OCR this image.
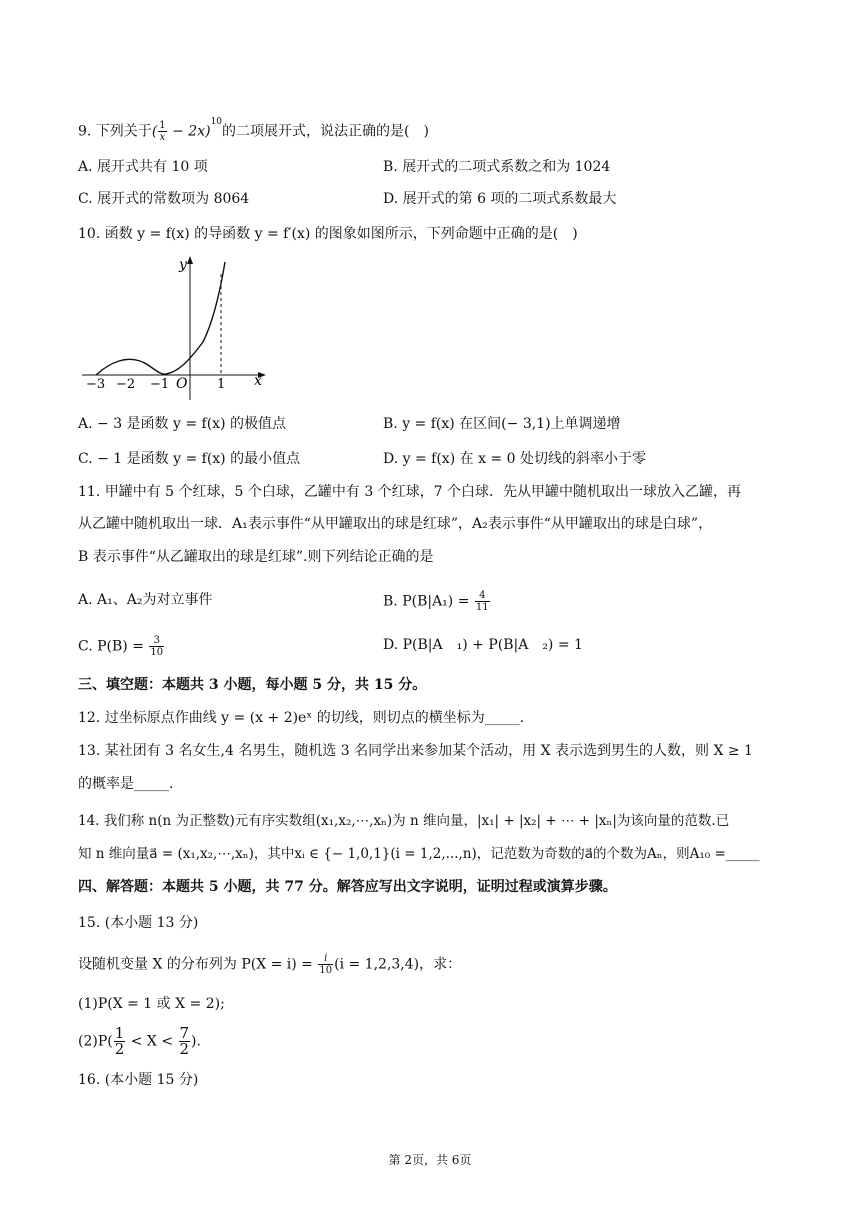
9. 下列关于( $\frac{1}{x} - 2x)^{10}$的二项展开式，说法正确的是(　)
A. 展开式共有 10 项	B. 展开式的二项式系数之和为 1024
C. 展开式的常数项为 8064	D. 展开式的第 6 项的二项式系数最大
10. 函数 y = f(x) 的导函数 y = f′(x) 的图象如图所示，下列命题中正确的是(　)
y
x
O
−3 −2 −1	1
A. − 3 是函数 y = f(x) 的极值点	B. y = f(x) 在区间(− 3,1)上单调递增
C. − 1 是函数 y = f(x) 的最小值点	D. y = f(x) 在 x = 0 处切线的斜率小于零
11. 甲罐中有 5 个红球，5 个白球，乙罐中有 3 个红球，7 个白球．先从甲罐中随机取出一球放入乙罐，再
从乙罐中随机取出一球．A₁表示事件“从甲罐取出的球是红球”，A₂表示事件“从甲罐取出的球是白球”，
B 表示事件“从乙罐取出的球是红球”.则下列结论正确的是
A. A₁、A₂为对立事件	B. $P(B|A_1) = \frac{4}{11}$
C. $P(B) = \frac{3}{10}$	D. P(B|A　₁) + P(B|A　₂) = 1
三、填空题：本题共 3 小题，每小题 5 分，共 15 分。
12. 过坐标原点作曲线 y = (x + 2)eˣ 的切线，则切点的横坐标为_____.
13. 某社团有 3 名女生,4 名男生，随机选 3 名同学出来参加某个活动，用 X 表示选到男生的人数，则 X ≥ 1
的概率是_____.
14. 我们称 n(n 为正整数)元有序实数组(x₁,x₂,⋯,xₙ)为 n 维向量，|x₁| + |x₂| + ⋯ + |xₙ|为该向量的范数.已
知 n 维向量a⃗ = (x₁,x₂,⋯,xₙ)，其中xᵢ ∈ {− 1,0,1}(i = 1,2,...,n)，记范数为奇数的a⃗的个数为Aₙ，则A₁₀ =_____
四、解答题：本题共 5 小题，共 77 分。解答应写出文字说明，证明过程或演算步骤。
15. (本小题 13 分)
设随机变量 X 的分布列为 $P(X = i) = \frac{i}{10} (i = 1,2,3,4)$，求：
(1)P(X = 1 或 X = 2);
$(2)P( \frac{1}{2} < X < \frac{7}{2}$ ).
16. (本小题 15 分)
第 2页，共 6页
